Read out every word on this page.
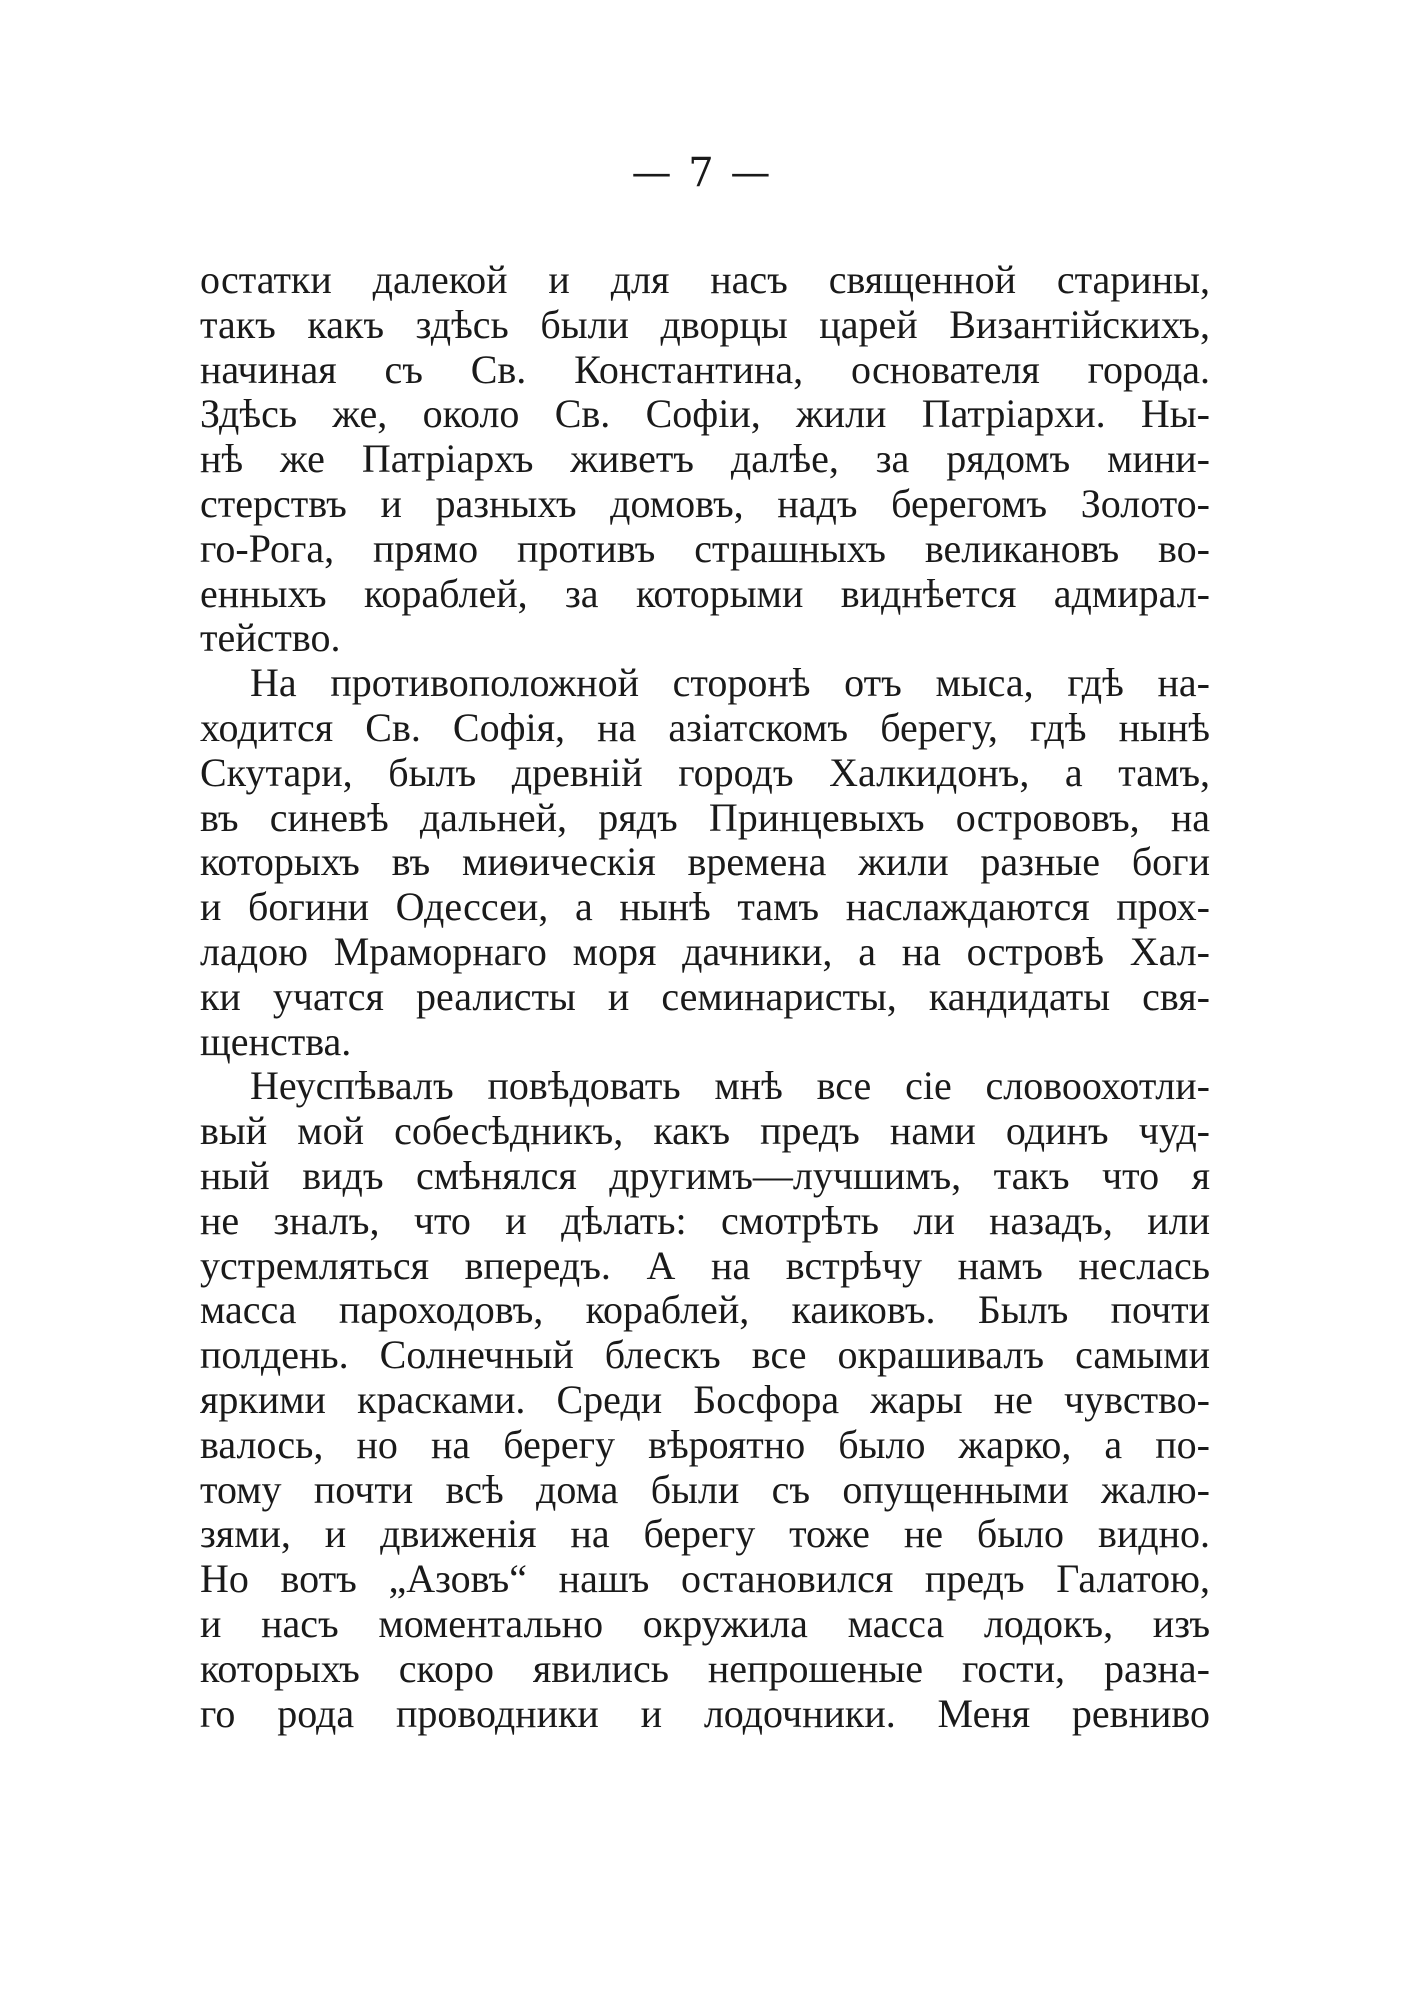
— 7 —
остатки далекой и для насъ священной старины,
такъ какъ здѣсь были дворцы царей Византійскихъ,
начиная съ Св. Константина, основателя города.
Здѣсь же, около Св. Софіи, жили Патріархи. Ны-
нѣ же Патріархъ живетъ далѣе, за рядомъ мини-
стерствъ и разныхъ домовъ, надъ берегомъ Золото-
го-Рога, прямо противъ страшныхъ великановъ во-
енныхъ кораблей, за которыми виднѣется адмирал-
тейство.
На противоположной сторонѣ отъ мыса, гдѣ на-
ходится Св. Софія, на азіатскомъ берегу, гдѣ нынѣ
Скутари, былъ древній городъ Халкидонъ, а тамъ,
въ синевѣ дальней, рядъ Принцевыхъ острововъ, на
которыхъ въ миѳическія времена жили разные боги
и богини Одессеи, а нынѣ тамъ наслаждаются прох-
ладою Мраморнаго моря дачники, а на островѣ Хал-
ки учатся реалисты и семинаристы, кандидаты свя-
щенства.
Неуспѣвалъ повѣдовать мнѣ все сіе словоохотли-
вый мой собесѣдникъ, какъ предъ нами одинъ чуд-
ный видъ смѣнялся другимъ—лучшимъ, такъ что я
не зналъ, что и дѣлать: смотрѣть ли назадъ, или
устремляться впередъ. А на встрѣчу намъ неслась
масса пароходовъ, кораблей, каиковъ. Былъ почти
полдень. Солнечный блескъ все окрашивалъ самыми
яркими красками. Среди Босфора жары не чувство-
валось, но на берегу вѣроятно было жарко, а по-
тому почти всѣ дома были съ опущенными жалю-
зями, и движенія на берегу тоже не было видно.
Но вотъ „Азовъ“ нашъ остановился предъ Галатою,
и насъ моментально окружила масса лодокъ, изъ
которыхъ скоро явились непрошеные гости, разна-
го рода проводники и лодочники. Меня ревниво
